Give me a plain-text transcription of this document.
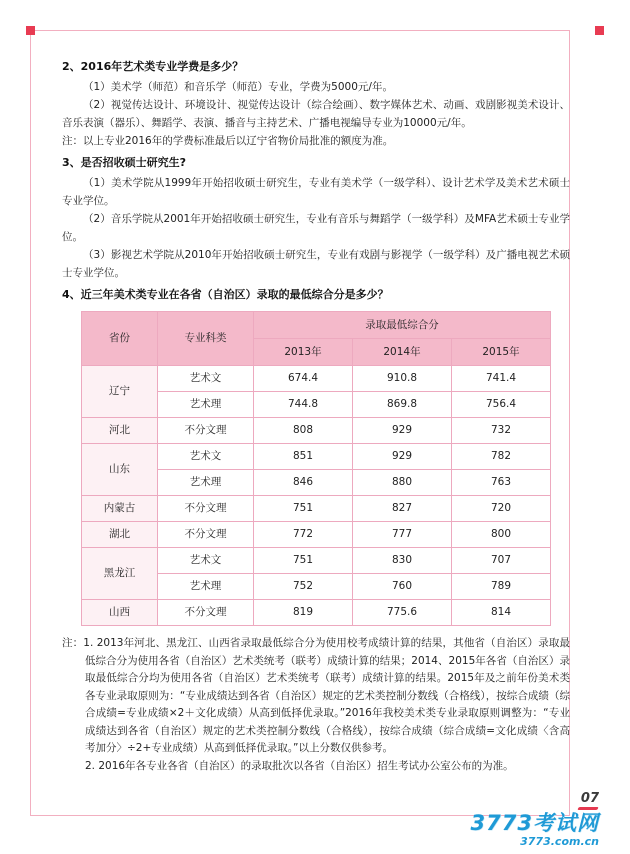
2、2016年艺术类专业学费是多少？

（1）美术学（师范）和音乐学（师范）专业，学费为5000元/年。

（2）视觉传达设计、环境设计、视觉传达设计（综合绘画）、数字媒体艺术、动画、戏剧影视美术设计、音乐表演（器乐）、舞蹈学、表演、播音与主持艺术、广播电视编导专业为10000元/年。

注：以上专业2016年的学费标准最后以辽宁省物价局批准的额度为准。

3、是否招收硕士研究生?

（1）美术学院从1999年开始招收硕士研究生，专业有美术学（一级学科）、设计艺术学及美术艺术硕士专业学位。

（2）音乐学院从2001年开始招收硕士研究生，专业有音乐与舞蹈学（一级学科）及MFA艺术硕士专业学位。

（3）影视艺术学院从2010年开始招收硕士研究生，专业有戏剧与影视学（一级学科）及广播电视艺术硕士专业学位。

4、近三年美术类专业在各省（自治区）录取的最低综合分是多少？

省份	专业科类	录取最低综合分		
		2013年	2014年	2015年
辽宁	艺术文	674.4	910.8	741.4
	艺术理	744.8	869.8	756.4
河北	不分文理	808	929	732
山东	艺术文	851	929	782
	艺术理	846	880	763
内蒙古	不分文理	751	827	720
湖北	不分文理	772	777	800
黑龙江	艺术文	751	830	707
	艺术理	752	760	789
山西	不分文理	819	775.6	814

注：1. 2013年河北、黑龙江、山西省录取最低综合分为使用校考成绩计算的结果，其他省（自治区）录取最低综合分为使用各省（自治区）艺术类统考（联考）成绩计算的结果；2014、2015年各省（自治区）录取最低综合分均为使用各省（自治区）艺术类统考（联考）成绩计算的结果。2015年及之前年份美术类各专业录取原则为：“专业成绩达到各省（自治区）规定的艺术类控制分数线（合格线），按综合成绩（综合成绩=专业成绩×2＋文化成绩）从高到低择优录取。”2016年我校美术类专业录取原则调整为：“专业成绩达到各省（自治区）规定的艺术类控制分数线（合格线），按综合成绩（综合成绩=文化成绩〈含高考加分〉÷2+专业成绩）从高到低择优录取。”以上分数仅供参考。

2. 2016年各专业各省（自治区）的录取批次以各省（自治区）招生考试办公室公布的为准。

07
3773考试网
3773.com.cn
